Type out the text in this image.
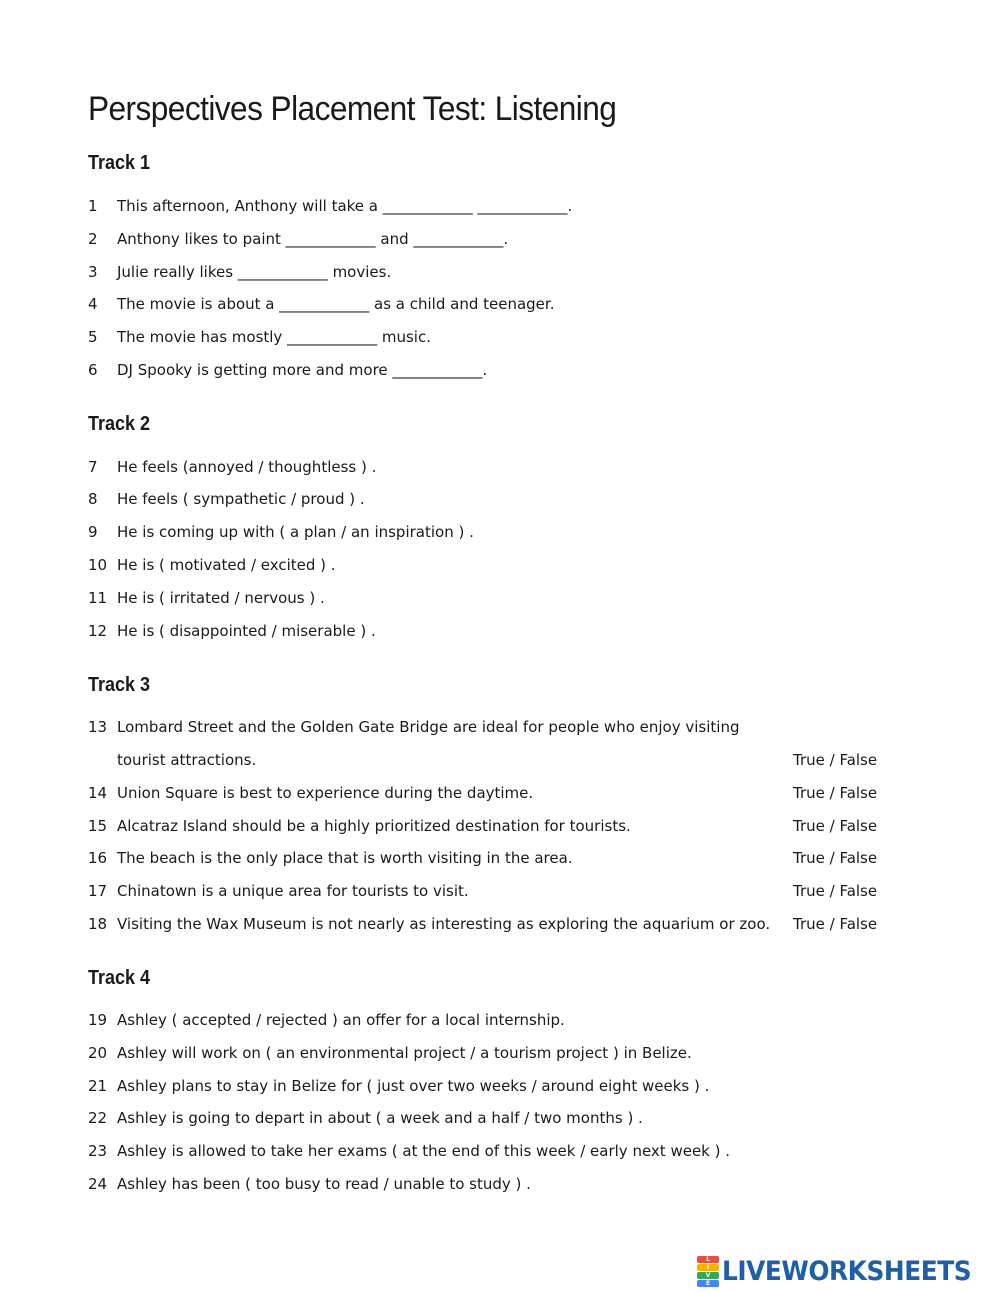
Perspectives Placement Test: Listening
Track 1
1 This afternoon, Anthony will take a ____________ ____________.
2 Anthony likes to paint ____________ and ____________.
3 Julie really likes ____________ movies.
4 The movie is about a ____________ as a child and teenager.
5 The movie has mostly ____________ music.
6 DJ Spooky is getting more and more ____________.
Track 2
7 He feels (annoyed / thoughtless ) .
8 He feels ( sympathetic / proud ) .
9 He is coming up with ( a plan / an inspiration ) .
10 He is ( motivated / excited ) .
11 He is ( irritated / nervous ) .
12 He is ( disappointed / miserable ) .
Track 3
13 Lombard Street and the Golden Gate Bridge are ideal for people who enjoy visiting
tourist attractions.	True / False
14 Union Square is best to experience during the daytime.	True / False
15 Alcatraz Island should be a highly prioritized destination for tourists.	True / False
16 The beach is the only place that is worth visiting in the area.	True / False
17 Chinatown is a unique area for tourists to visit.	True / False
18 Visiting the Wax Museum is not nearly as interesting as exploring the aquarium or zoo. True / False
Track 4
19 Ashley ( accepted / rejected ) an offer for a local internship.
20 Ashley will work on ( an environmental project / a tourism project ) in Belize.
21 Ashley plans to stay in Belize for ( just over two weeks / around eight weeks ) .
22 Ashley is going to depart in about ( a week and a half / two months ) .
23 Ashley is allowed to take her exams ( at the end of this week / early next week ) .
24 Ashley has been ( too busy to read / unable to study ) .
L
I
V
E LIVEWORKSHEETS
